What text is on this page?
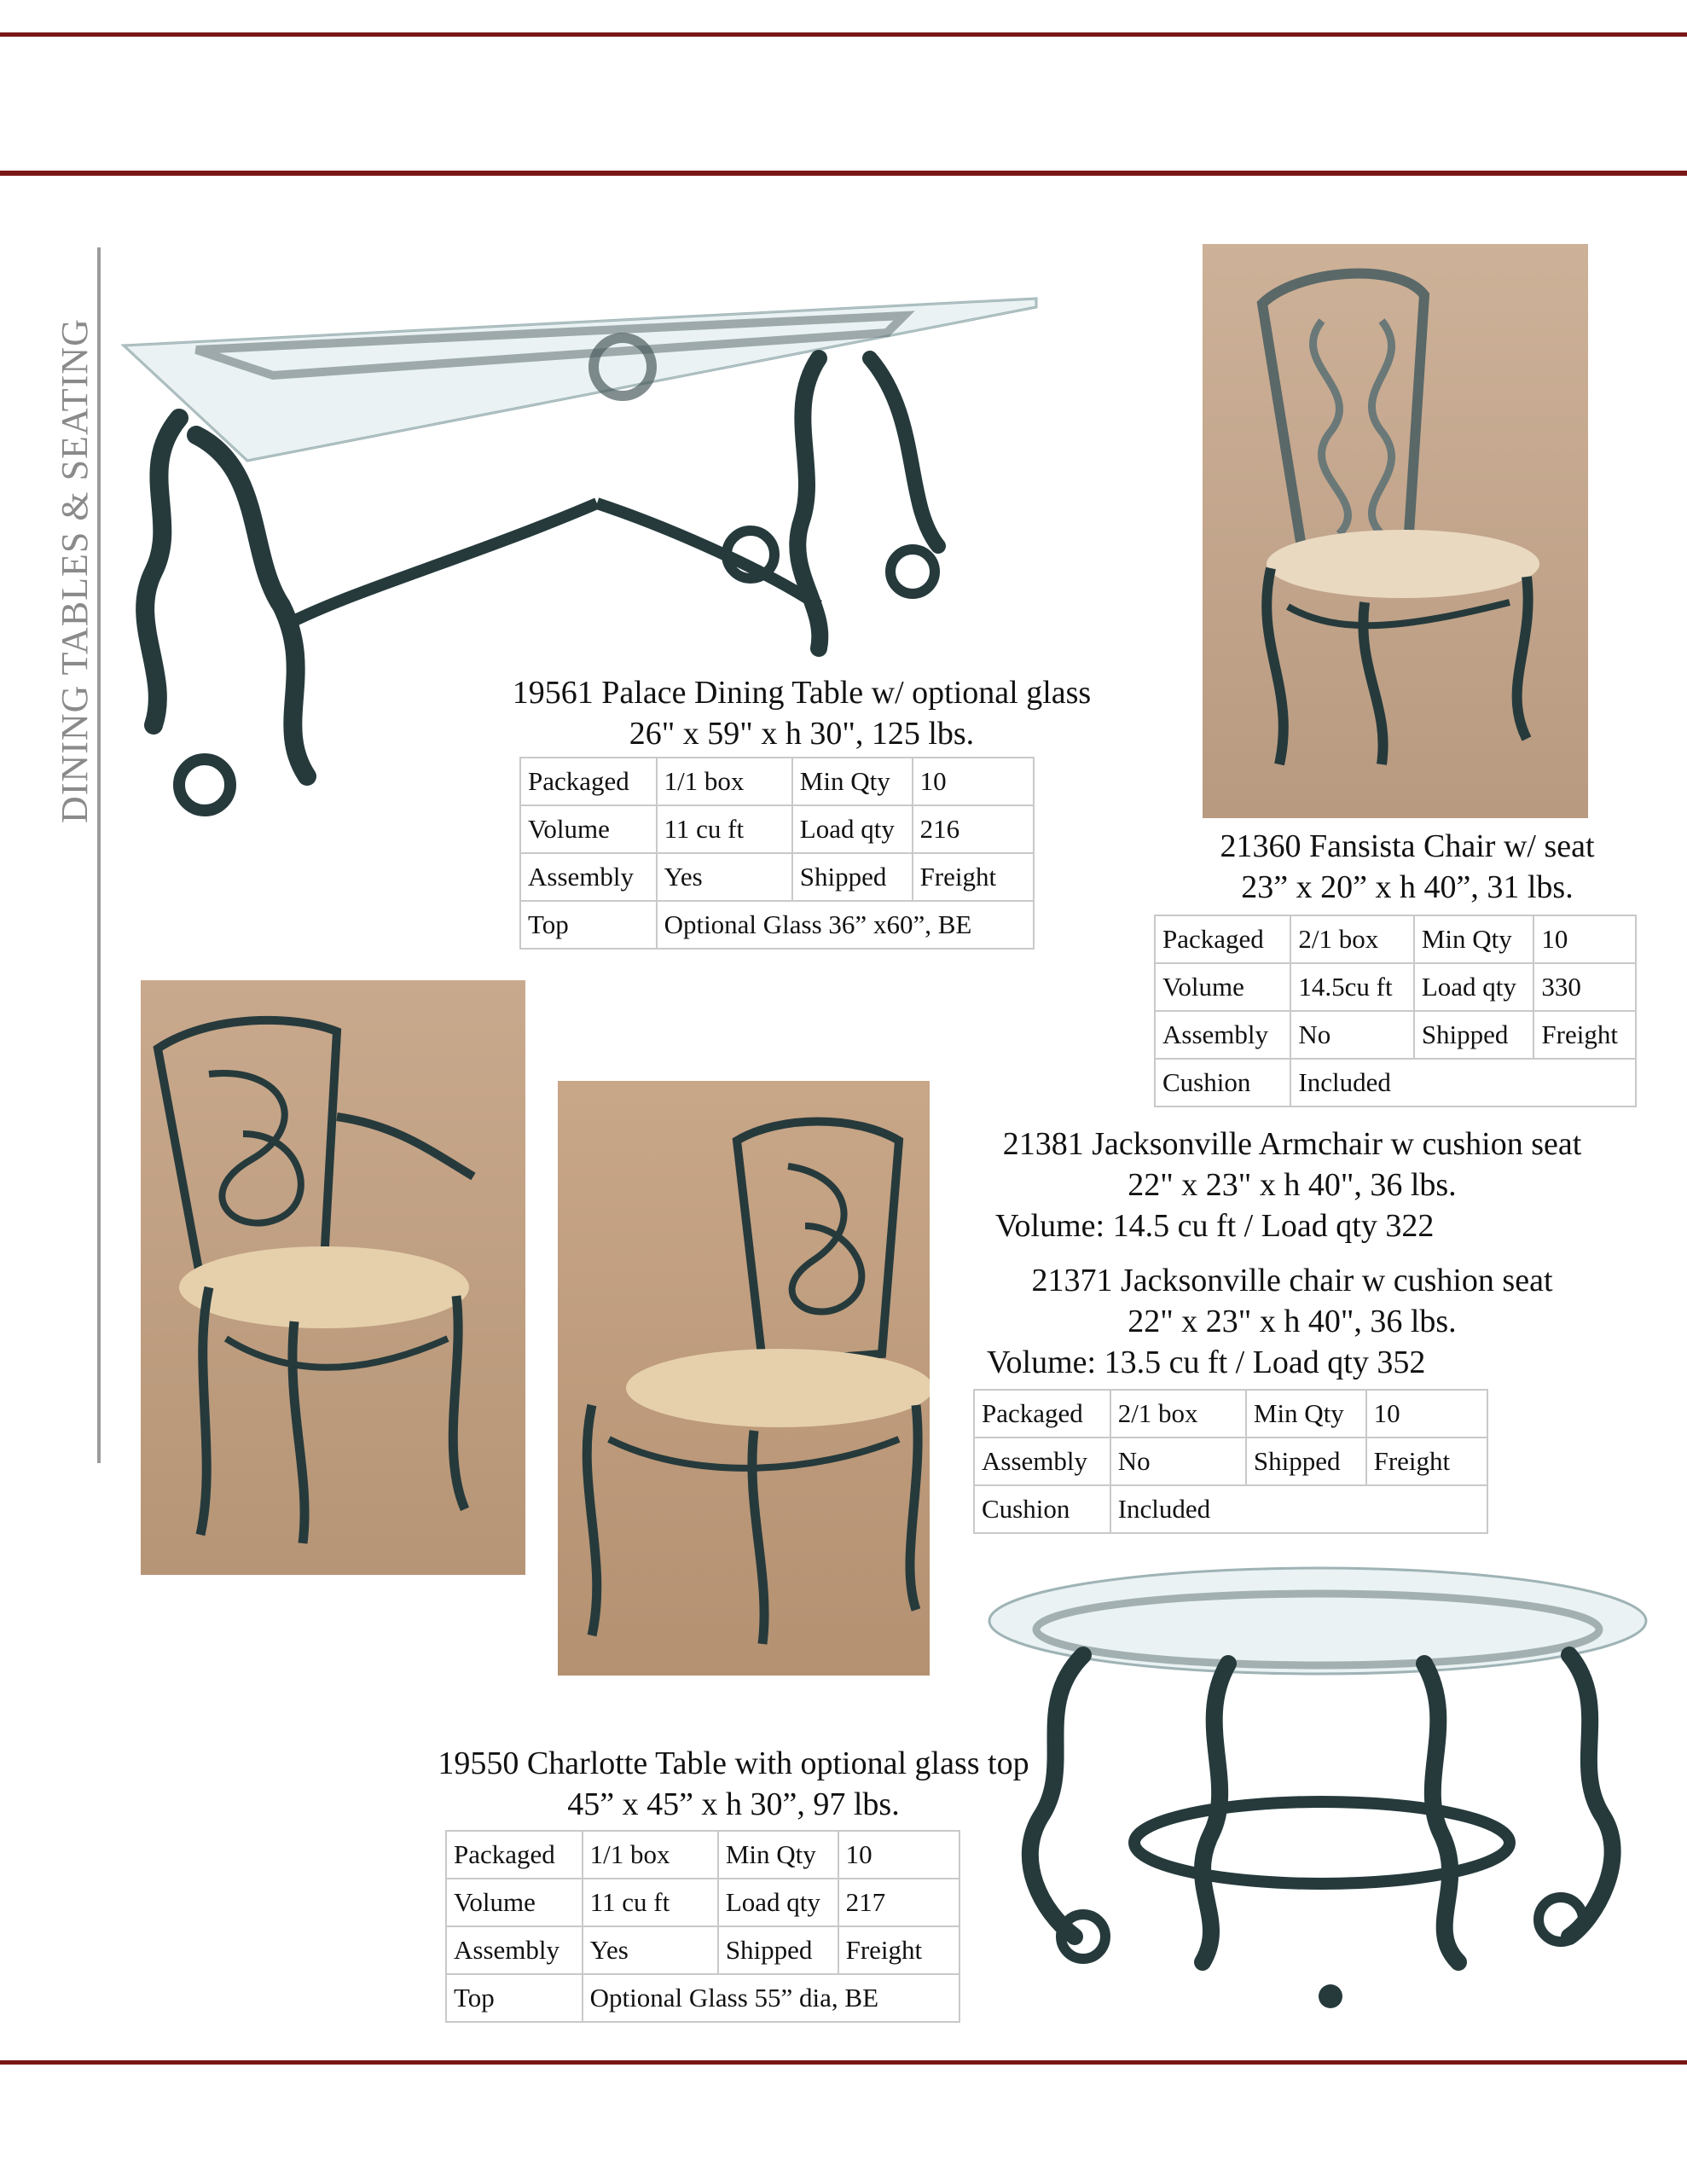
DINING TABLES & SEATING	19561 Palace Dining Table w/ optional glass
26" x 59" x h 30", 125 lbs.
Packaged	1/1 box	Min Qty	10
Volume	11 cu ft	Load qty	216
Assembly	Yes	Shipped	Freight
Top	Optional Glass 36” x60”, BE		
21360 Fansista Chair w/ seat
23” x 20” x h 40”, 31 lbs.
Packaged	2/1 box	Min Qty	10
Volume	14.5cu ft	Load qty	330
Assembly	No	Shipped	Freight
Cushion	Included		
21381 Jacksonville Armchair w cushion seat
22" x 23" x h 40", 36 lbs.
Volume: 14.5 cu ft / Load qty 322
21371 Jacksonville chair w cushion seat
22" x 23" x h 40", 36 lbs.
Volume: 13.5 cu ft / Load qty 352
Packaged	2/1 box	Min Qty	10
Assembly	No	Shipped	Freight
Cushion	Included		
19550 Charlotte Table with optional glass top
45” x 45” x h 30”, 97 lbs.
Packaged	1/1 box	Min Qty	10
Volume	11 cu ft	Load qty	217
Assembly	Yes	Shipped	Freight
Top	Optional Glass 55” dia, BE		
